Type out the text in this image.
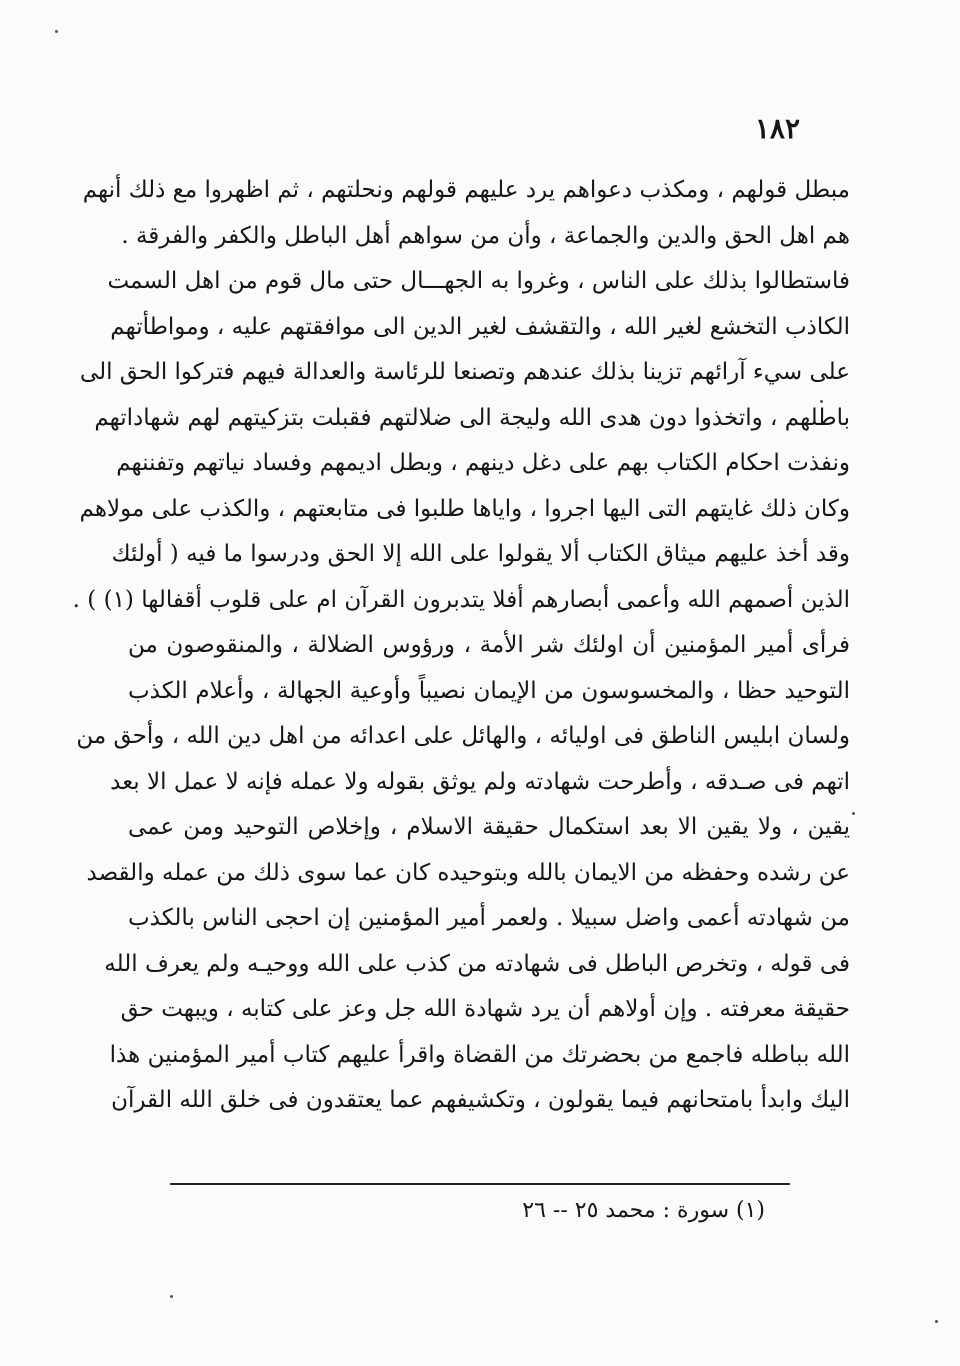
١٨٢

مبطل قولهم ، ومكذب دعواهم يرد عليهم قولهم ونحلتهم ، ثم اظهروا مع ذلك أنهم
هم اهل الحق والدين والجماعة ، وأن من سواهم أهل الباطل والكفر والفرقة .
فاستطالوا بذلك على الناس ، وغروا به الجهـــال حتى مال قوم من اهل السمت
الكاذب التخشع لغير الله ، والتقشف لغير الدين الى موافقتهم عليه ، ومواطأتهم
على سيء آرائهم تزينا بذلك عندهم وتصنعا للرئاسة والعدالة فيهم فتركوا الحق الى
باطلهم ، واتخذوا دون هدى الله وليجة الى ضلالتهم فقبلت بتزكيتهم لهم شهاداتهم
ونفذت احكام الكتاب بهم على دغل دينهم ، وبطل اديمهم وفساد نياتهم وتفننهم
وكان ذلك غايتهم التى اليها اجروا ، واياها طلبوا فى متابعتهم ، والكذب على مولاهم
وقد أخذ عليهم ميثاق الكتاب ألا يقولوا على الله إلا الحق ودرسوا ما فيه ( أولئك
الذين أصمهم الله وأعمى أبصارهم أفلا يتدبرون القرآن ام على قلوب أقفالها (١) ) .
فرأى أمير المؤمنين أن اولئك شر الأمة ، ورؤوس الضلالة ، والمنقوصون من
التوحيد حظا ، والمخسوسون من الإيمان نصيباً وأوعية الجهالة ، وأعلام الكذب
ولسان ابليس الناطق فى اوليائه ، والهائل على اعدائه من اهل دين الله ، وأحق من
اتهم فى صـدقه ، وأطرحت شهادته ولم يوثق بقوله ولا عمله فإنه لا عمل الا بعد
يقين ، ولا يقين الا بعد استكمال حقيقة الاسلام ، وإخلاص التوحيد ومن عمى
عن رشده وحفظه من الايمان بالله وبتوحيده كان عما سوى ذلك من عمله والقصد
من شهادته أعمى واضل سبيلا . ولعمر أمير المؤمنين إن احجى الناس بالكذب
فى قوله ، وتخرص الباطل فى شهادته من كذب على الله ووحيـه ولم يعرف الله
حقيقة معرفته . وإن أولاهم أن يرد شهادة الله جل وعز على كتابه ، ويبهت حق
الله بباطله فاجمع من بحضرتك من القضاة واقرأ عليهم كتاب أمير المؤمنين هذا
اليك وابدأ بامتحانهم فيما يقولون ، وتكشيفهم عما يعتقدون فى خلق الله القرآن

(١) سورة : محمد ٢٥ -- ٢٦
